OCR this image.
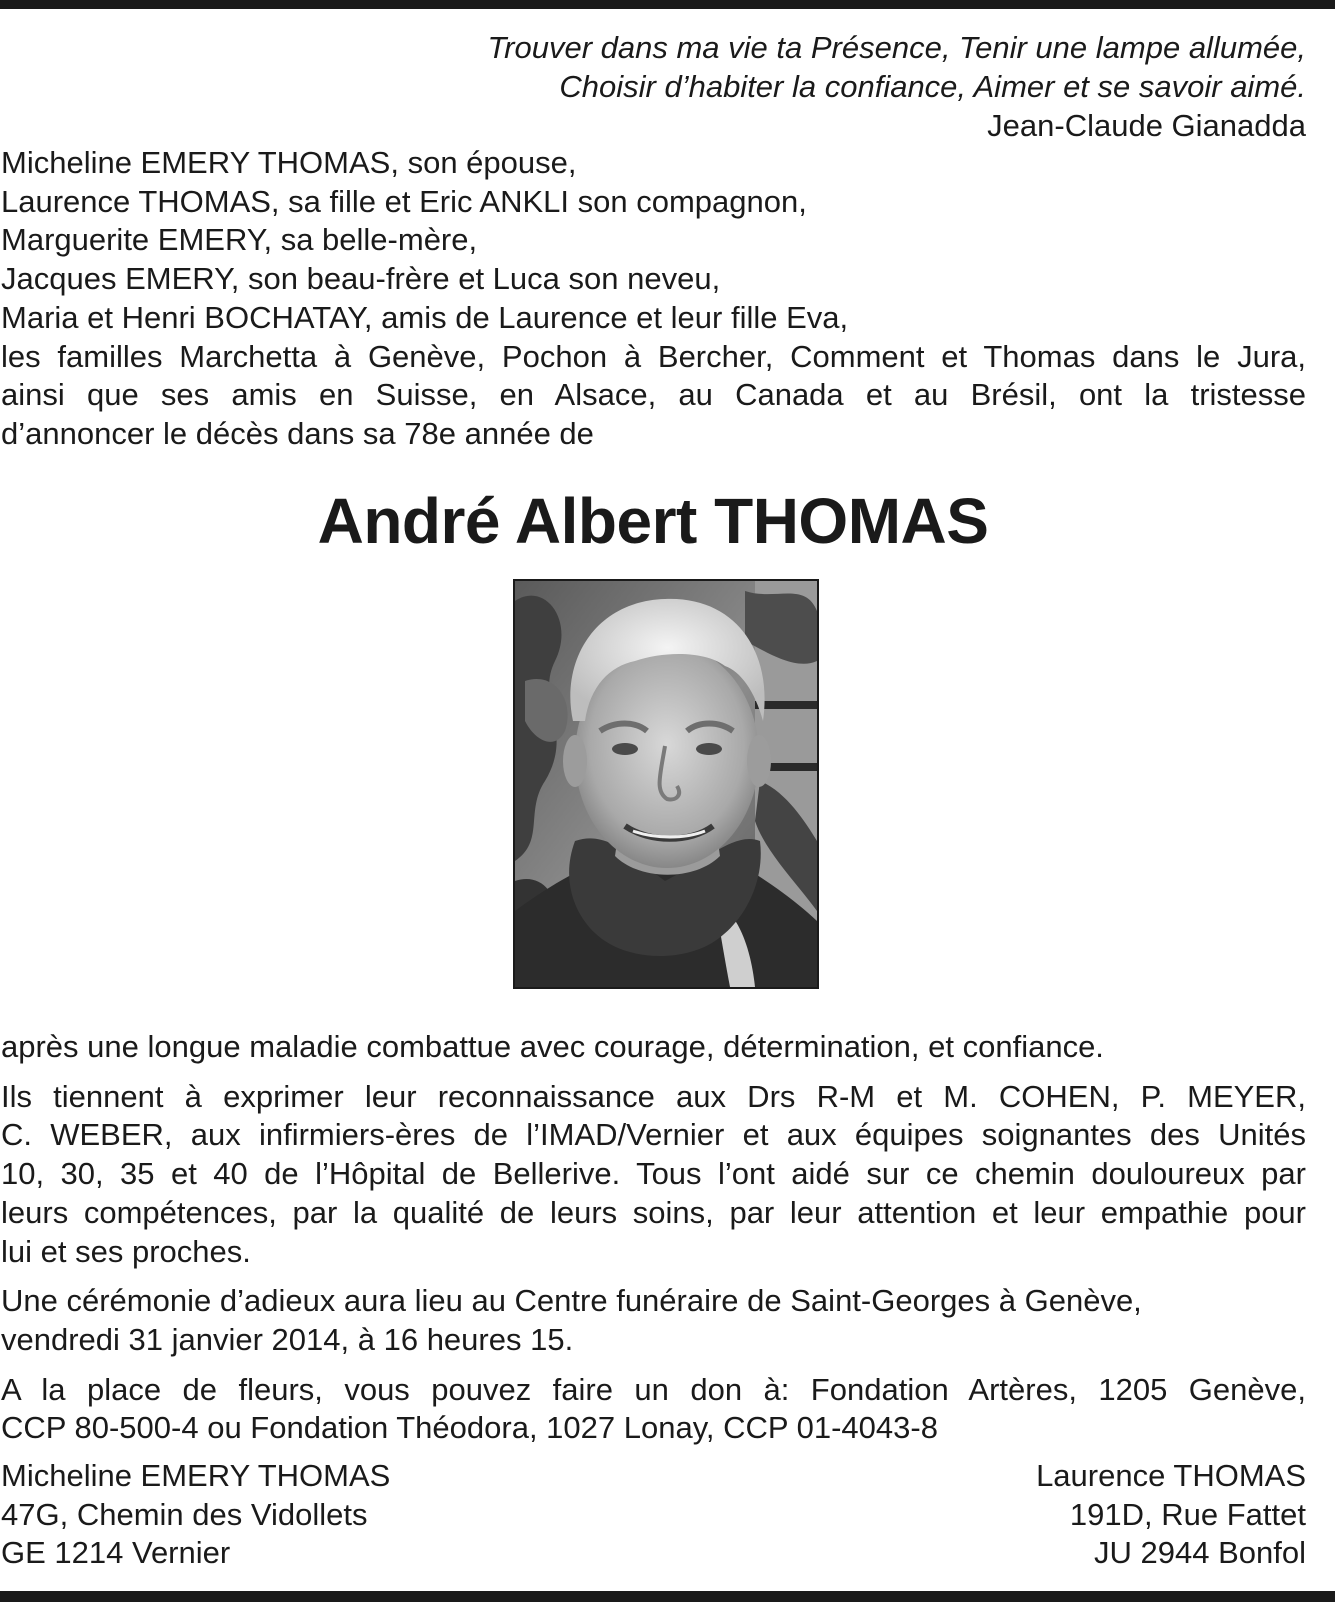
Trouver dans ma vie ta Présence, Tenir une lampe allumée,
Choisir d’habiter la confiance, Aimer et se savoir aimé.
Jean-Claude Gianadda
Micheline EMERY THOMAS, son épouse,
Laurence THOMAS, sa fille et Eric ANKLI son compagnon,
Marguerite EMERY, sa belle-mère,
Jacques EMERY, son beau-frère et Luca son neveu,
Maria et Henri BOCHATAY, amis de Laurence et leur fille Eva,
les familles Marchetta à Genève, Pochon à Bercher, Comment et Thomas dans le Jura,
ainsi que ses amis en Suisse, en Alsace, au Canada et au Brésil, ont la tristesse
d’annoncer le décès dans sa 78e année de
André Albert THOMAS

après une longue maladie combattue avec courage, détermination, et confiance.

Ils tiennent à exprimer leur reconnaissance aux Drs R-M et M. COHEN, P. MEYER,
C. WEBER, aux infirmiers-ères de l’IMAD/Vernier et aux équipes soignantes des Unités
10, 30, 35 et 40 de l’Hôpital de Bellerive. Tous l’ont aidé sur ce chemin douloureux par
leurs compétences, par la qualité de leurs soins, par leur attention et leur empathie pour
lui et ses proches.

Une cérémonie d’adieux aura lieu au Centre funéraire de Saint-Georges à Genève,
vendredi 31 janvier 2014, à 16 heures 15.

A la place de fleurs, vous pouvez faire un don à: Fondation Artères, 1205 Genève,
CCP 80-500-4 ou Fondation Théodora, 1027 Lonay, CCP 01-4043-8

Micheline EMERY THOMAS
47G, Chemin des Vidollets
GE 1214 Vernier
Laurence THOMAS
191D, Rue Fattet
JU 2944 Bonfol
